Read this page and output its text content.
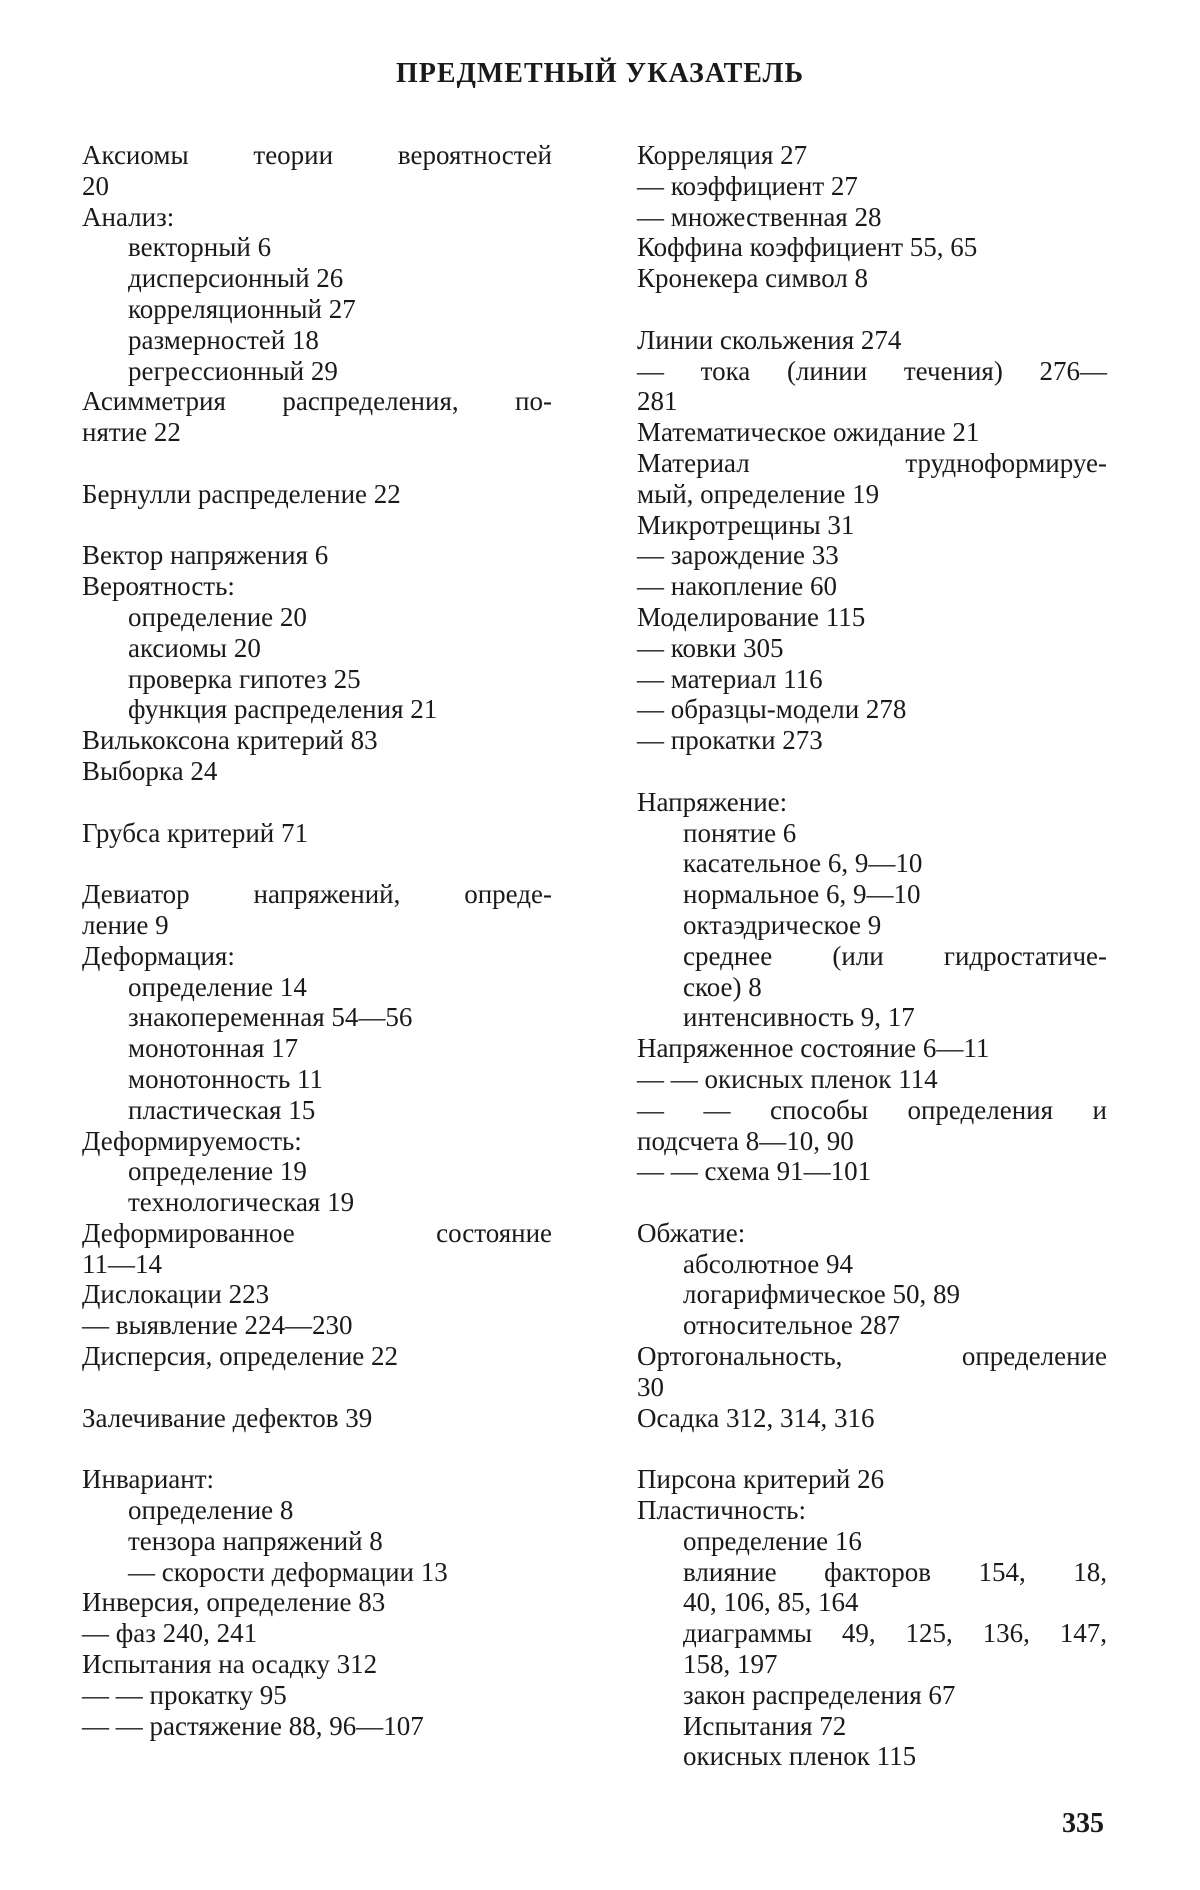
ПРЕДМЕТНЫЙ УКАЗАТЕЛЬ
Аксиомы теории вероятностей
20
Анализ:
векторный 6
дисперсионный 26
корреляционный 27
размерностей 18
регрессионный 29
Асимметрия распределения, по-
нятие 22
Бернулли распределение 22
Вектор напряжения 6
Вероятность:
определение 20
аксиомы 20
проверка гипотез 25
функция распределения 21
Вилькоксона критерий 83
Выборка 24
Грубса критерий 71
Девиатор напряжений, опреде-
ление 9
Деформация:
определение 14
знакопеременная 54—56
монотонная 17
монотонность 11
пластическая 15
Деформируемость:
определение 19
технологическая 19
Деформированное состояние
11—14
Дислокации 223
— выявление 224—230
Дисперсия, определение 22
Залечивание дефектов 39
Инвариант:
определение 8
тензора напряжений 8
— скорости деформации 13
Инверсия, определение 83
— фаз 240, 241
Испытания на осадку 312
— — прокатку 95
— — растяжение 88, 96—107
Корреляция 27
— коэффициент 27
— множественная 28
Коффина коэффициент 55, 65
Кронекера символ 8
Линии скольжения 274
— тока (линии течения) 276—
281
Математическое ожидание 21
Материал трудноформируе-
мый, определение 19
Микротрещины 31
— зарождение 33
— накопление 60
Моделирование 115
— ковки 305
— материал 116
— образцы-модели 278
— прокатки 273
Напряжение:
понятие 6
касательное 6, 9—10
нормальное 6, 9—10
октаэдрическое 9
среднее (или гидростатиче-
ское) 8
интенсивность 9, 17
Напряженное состояние 6—11
— — окисных пленок 114
— — способы определения и
подсчета 8—10, 90
— — схема 91—101
Обжатие:
абсолютное 94
логарифмическое 50, 89
относительное 287
Ортогональность, определение
30
Осадка 312, 314, 316
Пирсона критерий 26
Пластичность:
определение 16
влияние факторов 154, 18,
40, 106, 85, 164
диаграммы 49, 125, 136, 147,
158, 197
закон распределения 67
Испытания 72
окисных пленок 115
335
